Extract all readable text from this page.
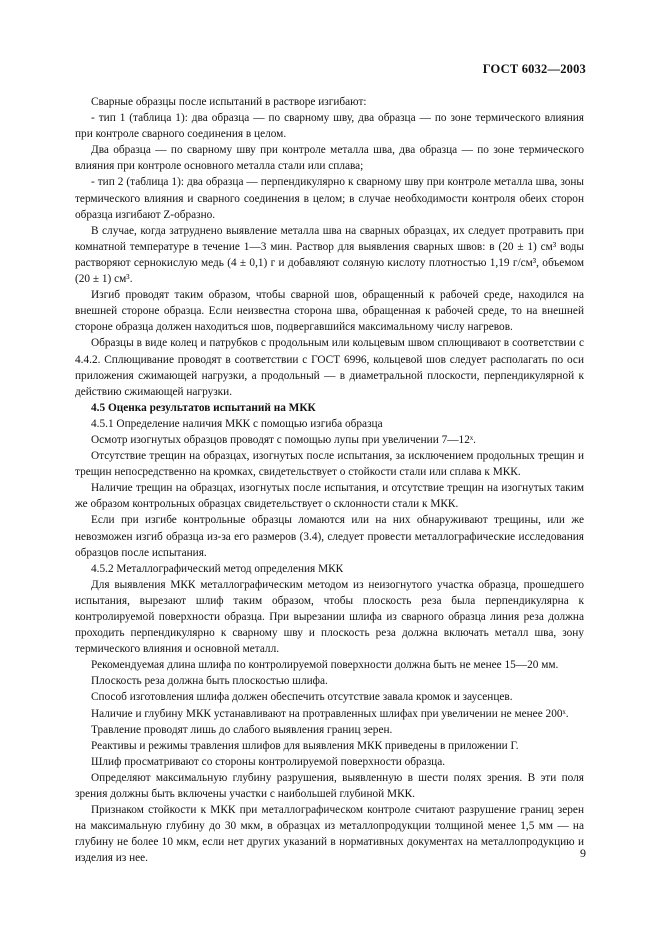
ГОСТ 6032—2003

Сварные образцы после испытаний в растворе изгибают:

- тип 1 (таблица 1): два образца — по сварному шву, два образца — по зоне термического влияния при контроле сварного соединения в целом.

Два образца — по сварному шву при контроле металла шва, два образца — по зоне термического влияния при контроле основного металла стали или сплава;

- тип 2 (таблица 1): два образца — перпендикулярно к сварному шву при контроле металла шва, зоны термического влияния и сварного соединения в целом; в случае необходимости контроля обеих сторон образца изгибают Z-образно.

В случае, когда затруднено выявление металла шва на сварных образцах, их следует протравить при комнатной температуре в течение 1—3 мин. Раствор для выявления сварных швов: в (20 ± 1) см³ воды растворяют сернокислую медь (4 ± 0,1) г и добавляют соляную кислоту плотностью 1,19 г/см³, объемом (20 ± 1) см³.

Изгиб проводят таким образом, чтобы сварной шов, обращенный к рабочей среде, находился на внешней стороне образца. Если неизвестна сторона шва, обращенная к рабочей среде, то на внешней стороне образца должен находиться шов, подвергавшийся максимальному числу нагревов.

Образцы в виде колец и патрубков с продольным или кольцевым швом сплющивают в соответствии с 4.4.2. Сплющивание проводят в соответствии с ГОСТ 6996, кольцевой шов следует располагать по оси приложения сжимающей нагрузки, а продольный — в диаметральной плоскости, перпендикулярной к действию сжимающей нагрузки.

4.5 Оценка результатов испытаний на МКК

4.5.1 Определение наличия МКК с помощью изгиба образца

Осмотр изогнутых образцов проводят с помощью лупы при увеличении 7—12ˣ.

Отсутствие трещин на образцах, изогнутых после испытания, за исключением продольных трещин и трещин непосредственно на кромках, свидетельствует о стойкости стали или сплава к МКК.

Наличие трещин на образцах, изогнутых после испытания, и отсутствие трещин на изогнутых таким же образом контрольных образцах свидетельствует о склонности стали к МКК.

Если при изгибе контрольные образцы ломаются или на них обнаруживают трещины, или же невозможен изгиб образца из-за его размеров (3.4), следует провести металлографические исследования образцов после испытания.

4.5.2 Металлографический метод определения МКК

Для выявления МКК металлографическим методом из неизогнутого участка образца, прошедшего испытания, вырезают шлиф таким образом, чтобы плоскость реза была перпендикулярна к контролируемой поверхности образца. При вырезании шлифа из сварного образца линия реза должна проходить перпендикулярно к сварному шву и плоскость реза должна включать металл шва, зону термического влияния и основной металл.

Рекомендуемая длина шлифа по контролируемой поверхности должна быть не менее 15—20 мм.

Плоскость реза должна быть плоскостью шлифа.

Способ изготовления шлифа должен обеспечить отсутствие завала кромок и заусенцев.

Наличие и глубину МКК устанавливают на протравленных шлифах при увеличении не менее 200ˣ.

Травление проводят лишь до слабого выявления границ зерен.

Реактивы и режимы травления шлифов для выявления МКК приведены в приложении Г.

Шлиф просматривают со стороны контролируемой поверхности образца.

Определяют максимальную глубину разрушения, выявленную в шести полях зрения. В эти поля зрения должны быть включены участки с наибольшей глубиной МКК.

Признаком стойкости к МКК при металлографическом контроле считают разрушение границ зерен на максимальную глубину до 30 мкм, в образцах из металлопродукции толщиной менее 1,5 мм — на глубину не более 10 мкм, если нет других указаний в нормативных документах на металлопродукцию и изделия из нее.	9
